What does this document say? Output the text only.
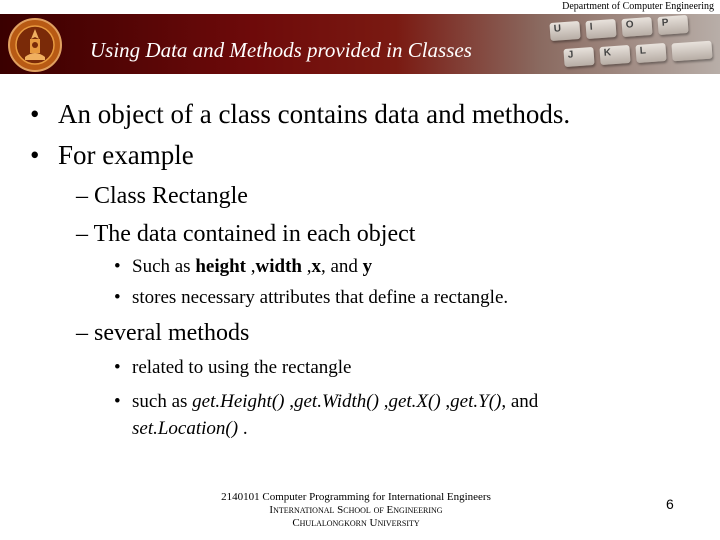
Department of Computer Engineering
U	I	O	P
J	K	L
Using Data and Methods provided in Classes
• An object of a class contains data and methods.
• For example
– Class Rectangle
– The data contained in each object
• Such as height ,width ,x, and y
• stores necessary attributes that define a rectangle.
– several methods
• related to using the rectangle
• such as get.Height() ,get.Width() ,get.X() ,get.Y(), and
set.Location() .
2140101 Computer Programming for International Engineers
International School of Engineering
Chulalongkorn University
6
